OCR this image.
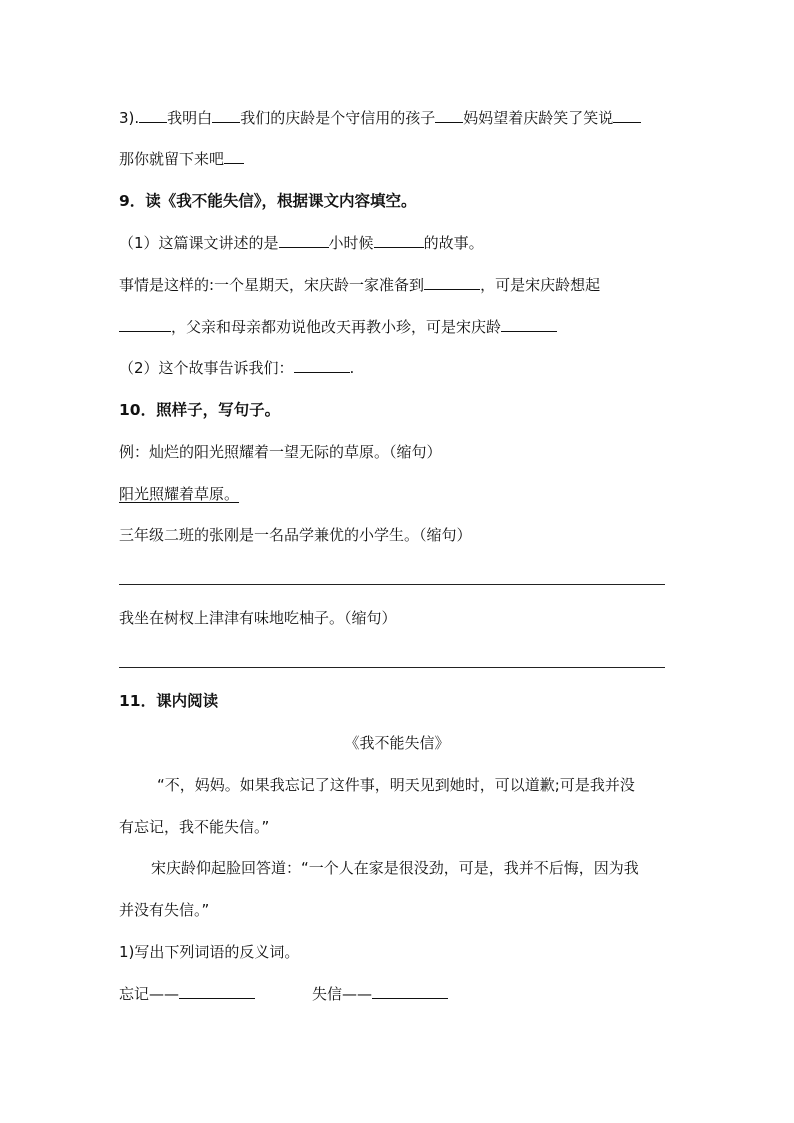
3). 我明白 我们的庆龄是个守信用的孩子 妈妈望着庆龄笑了笑说
那你就留下来吧
9．读《我不能失信》，根据课文内容填空。
（1）这篇课文讲述的是	小时候	的故事。
事情是这样的:一个星期天，宋庆龄一家准备到	，可是宋庆龄想起
，父亲和母亲都劝说他改天再教小珍，可是宋庆龄
（2）这个故事告诉我们：	.
10．照样子，写句子。
例：灿烂的阳光照耀着一望无际的草原。（缩句）
阳光照耀着草原。
三年级二班的张刚是一名品学兼优的小学生。（缩句）
我坐在树杈上津津有味地吃柚子。（缩句）
11．课内阅读
《我不能失信》
“不，妈妈。如果我忘记了这件事，明天见到她时，可以道歉;可是我并没
有忘记，我不能失信。”
宋庆龄仰起脸回答道：“一个人在家是很没劲，可是，我并不后悔，因为我
并没有失信。”
1)写出下列词语的反义词。
忘记——	失信——
